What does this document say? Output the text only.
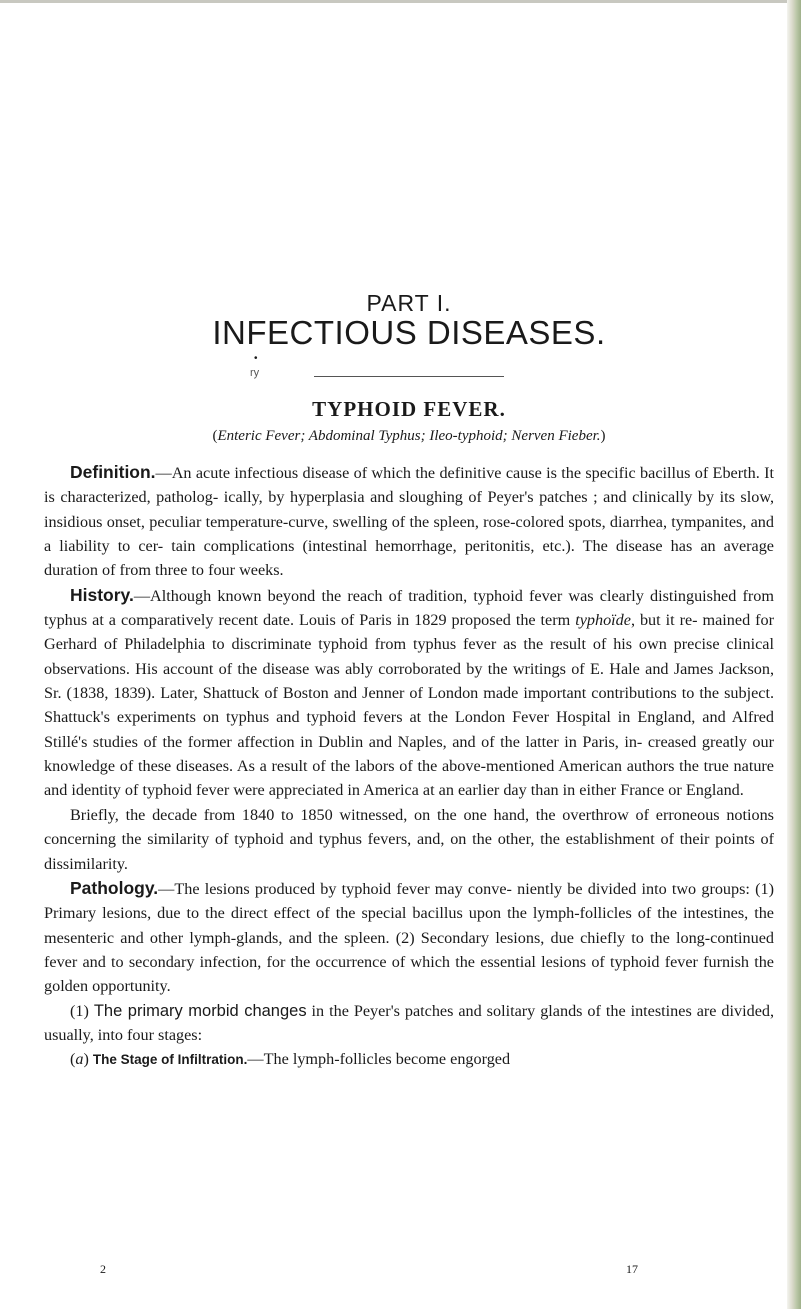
PART I.
INFECTIOUS DISEASES.
•
ry
TYPHOID FEVER.
(Enteric Fever; Abdominal Typhus; Ileo-typhoid; Nerven Fieber.)

Definition.—An acute infectious disease of which the definitive cause is the specific bacillus of Eberth. It is characterized, patholog- ically, by hyperplasia and sloughing of Peyer's patches ; and clinically by its slow, insidious onset, peculiar temperature-curve, swelling of the spleen, rose-colored spots, diarrhea, tympanites, and a liability to cer- tain complications (intestinal hemorrhage, peritonitis, etc.). The disease has an average duration of from three to four weeks.

History.—Although known beyond the reach of tradition, typhoid fever was clearly distinguished from typhus at a comparatively recent date. Louis of Paris in 1829 proposed the term typhoïde, but it re- mained for Gerhard of Philadelphia to discriminate typhoid from typhus fever as the result of his own precise clinical observations. His account of the disease was ably corroborated by the writings of E. Hale and James Jackson, Sr. (1838, 1839). Later, Shattuck of Boston and Jenner of London made important contributions to the subject. Shattuck's experiments on typhus and typhoid fevers at the London Fever Hospital in England, and Alfred Stillé's studies of the former affection in Dublin and Naples, and of the latter in Paris, in- creased greatly our knowledge of these diseases. As a result of the labors of the above-mentioned American authors the true nature and identity of typhoid fever were appreciated in America at an earlier day than in either France or England.

Briefly, the decade from 1840 to 1850 witnessed, on the one hand, the overthrow of erroneous notions concerning the similarity of typhoid and typhus fevers, and, on the other, the establishment of their points of dissimilarity.

Pathology.—The lesions produced by typhoid fever may conve- niently be divided into two groups: (1) Primary lesions, due to the direct effect of the special bacillus upon the lymph-follicles of the intestines, the mesenteric and other lymph-glands, and the spleen. (2) Secondary lesions, due chiefly to the long-continued fever and to secondary infection, for the occurrence of which the essential lesions of typhoid fever furnish the golden opportunity.

(1) The primary morbid changes in the Peyer's patches and solitary glands of the intestines are divided, usually, into four stages:

(a) The Stage of Infiltration.—The lymph-follicles become engorged

2	17
